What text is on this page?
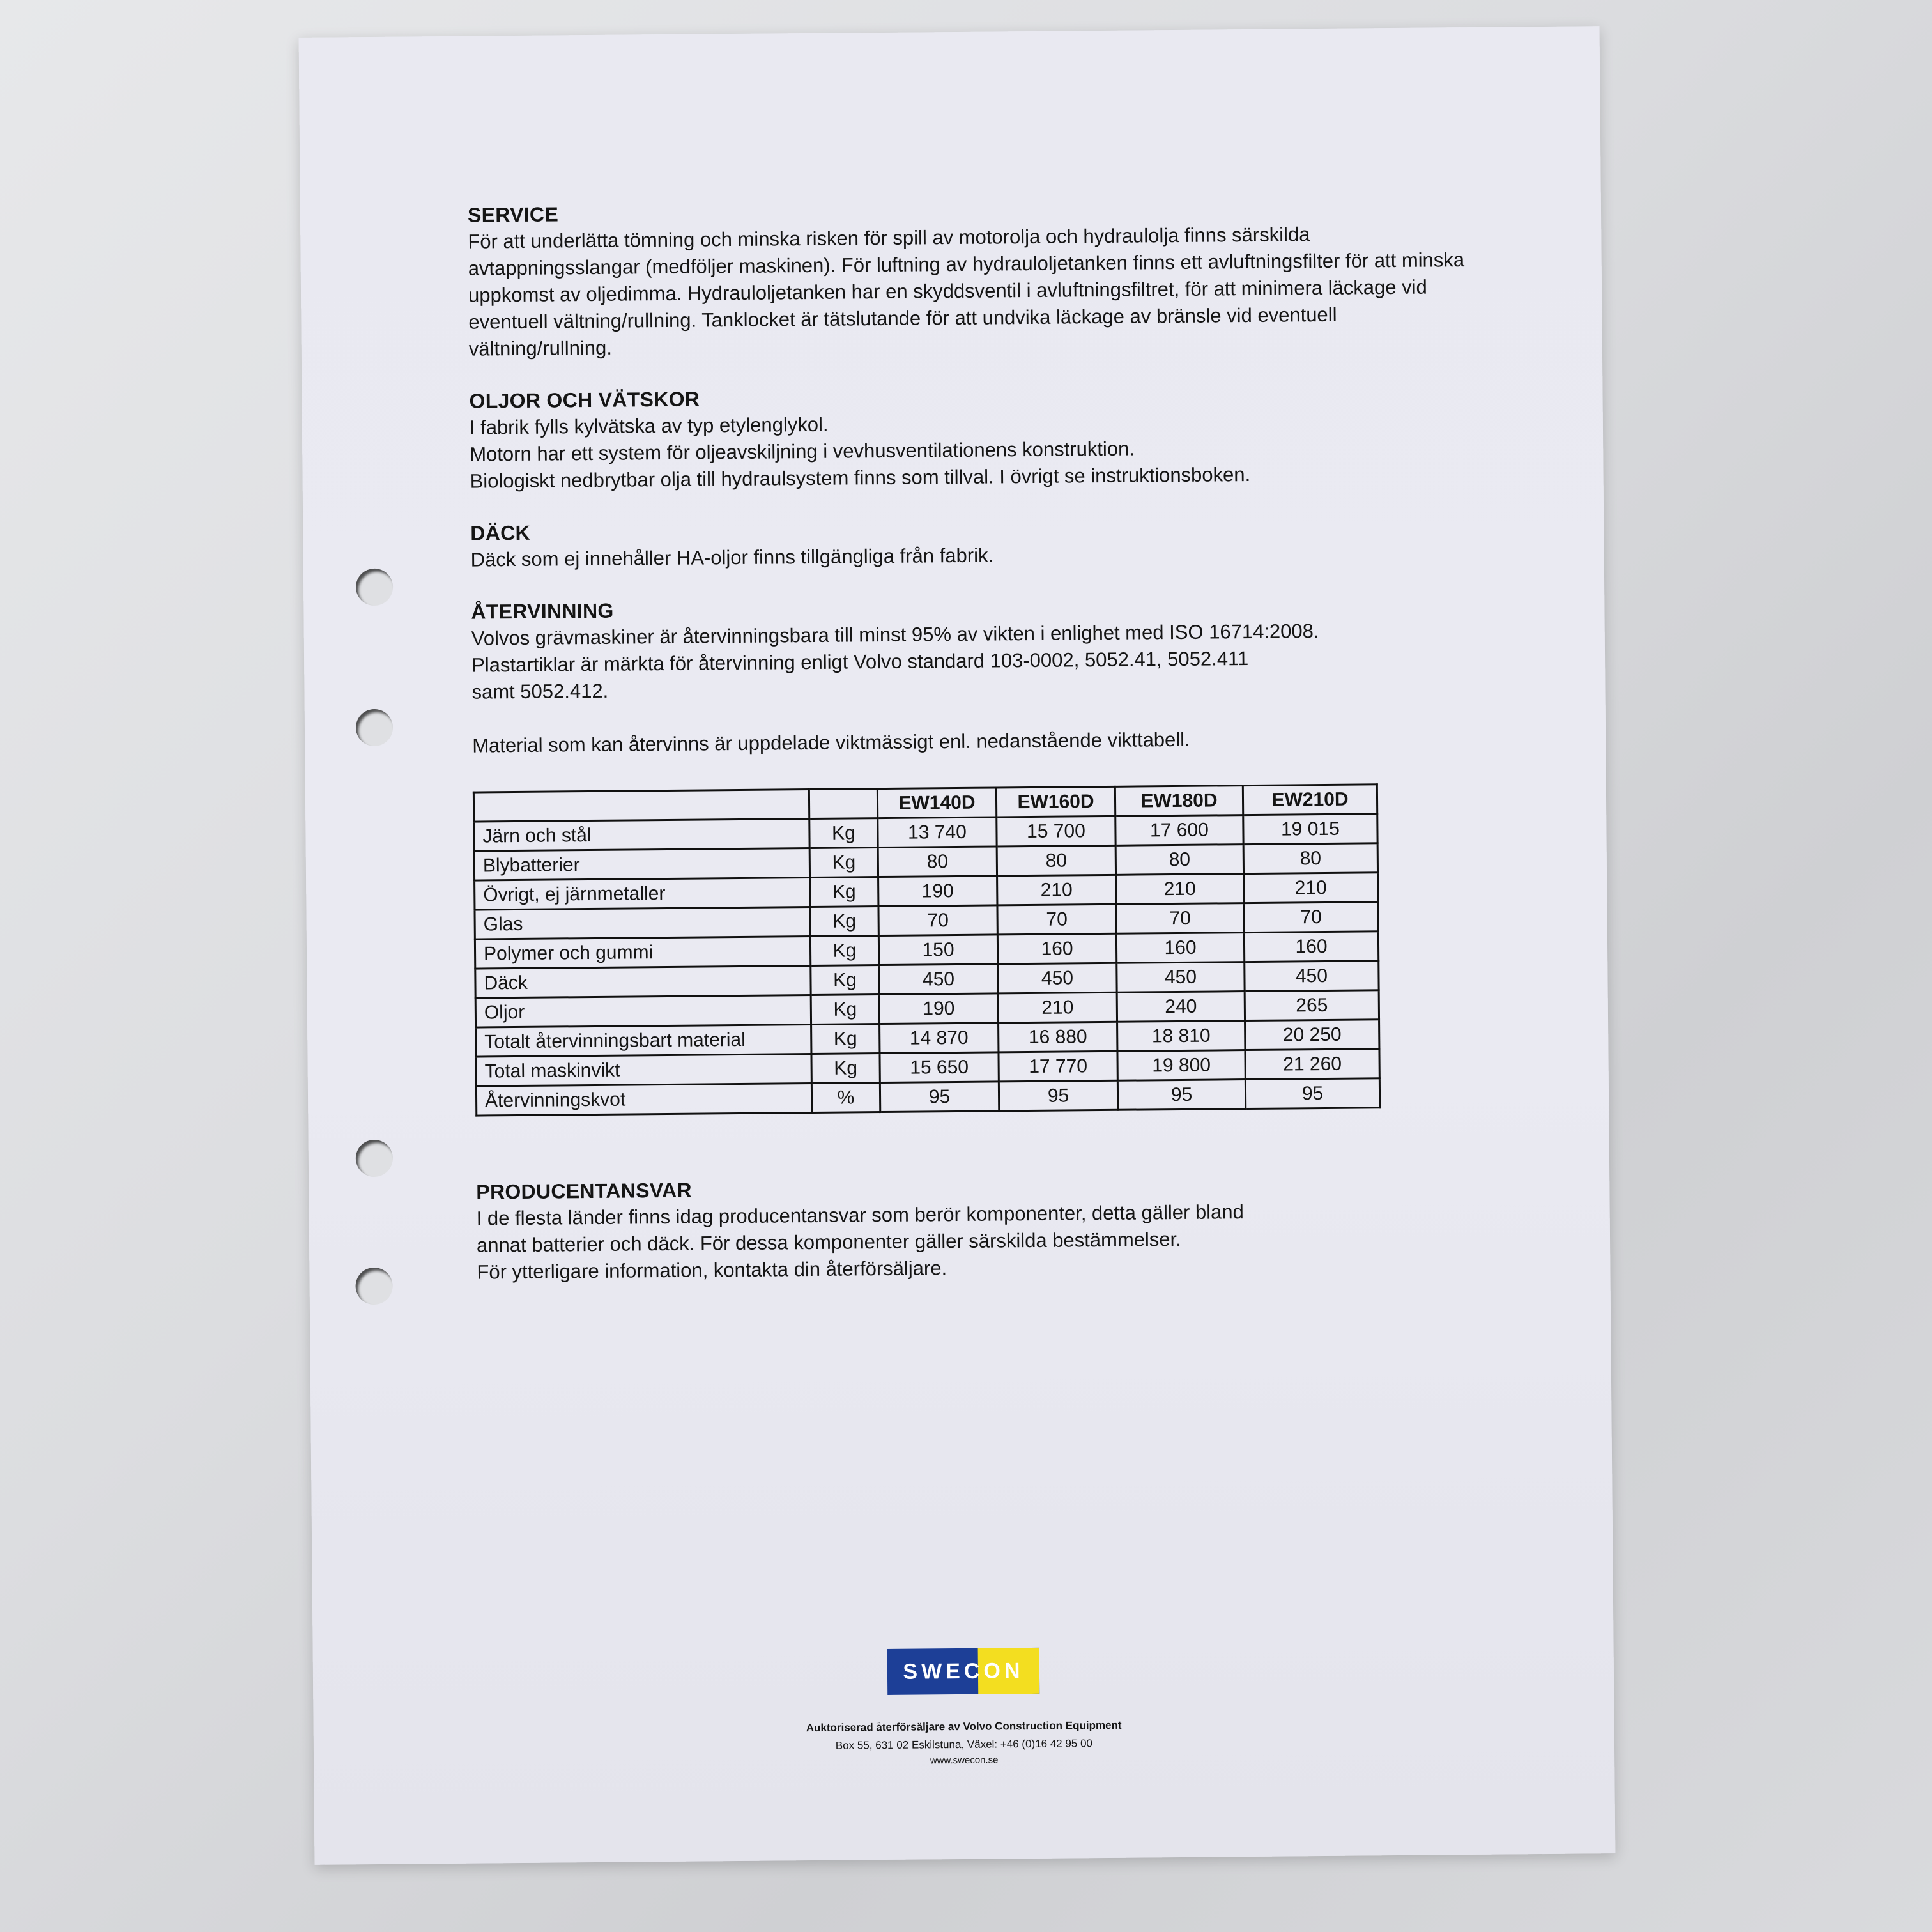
SERVICE

För att underlätta tömning och minska risken för spill av motorolja och hydraulolja finns särskilda avtappningsslangar (medföljer maskinen). För luftning av hydrauloljetanken finns ett avluftningsfilter för att minska uppkomst av oljedimma. Hydrauloljetanken har en skyddsventil i avluftningsfiltret, för att minimera läckage vid eventuell vältning/rullning. Tanklocket är tätslutande för att undvika läckage av bränsle vid eventuell vältning/rullning.

OLJOR OCH VÄTSKOR

I fabrik fylls kylvätska av typ etylenglykol.

Motorn har ett system för oljeavskiljning i vevhusventilationens konstruktion.

Biologiskt nedbrytbar olja till hydraulsystem finns som tillval. I övrigt se instruktionsboken.

DÄCK

Däck som ej innehåller HA-oljor finns tillgängliga från fabrik.

ÅTERVINNING

Volvos grävmaskiner är återvinningsbara till minst 95% av vikten i enlighet med ISO 16714:2008.

Plastartiklar är märkta för återvinning enligt Volvo standard 103-0002, 5052.41, 5052.411

samt 5052.412.

Material som kan återvinns är uppdelade viktmässigt enl. nedanstående vikttabell.

		EW140D	EW160D	EW180D	EW210D
Järn och stål	Kg	13 740	15 700	17 600	19 015
Blybatterier	Kg	80	80	80	80
Övrigt, ej järnmetaller	Kg	190	210	210	210
Glas	Kg	70	70	70	70
Polymer och gummi	Kg	150	160	160	160
Däck	Kg	450	450	450	450
Oljor	Kg	190	210	240	265
Totalt återvinningsbart material	Kg	14 870	16 880	18 810	20 250
Total maskinvikt	Kg	15 650	17 770	19 800	21 260
Återvinningskvot	%	95	95	95	95
PRODUCENTANSVAR

I de flesta länder finns idag producentansvar som berör komponenter, detta gäller bland

annat batterier och däck. För dessa komponenter gäller särskilda bestämmelser.

För ytterligare information, kontakta din återförsäljare.

SWECON
Auktoriserad återförsäljare av Volvo Construction Equipment
Box 55, 631 02 Eskilstuna, Växel: +46 (0)16 42 95 00
www.swecon.se
